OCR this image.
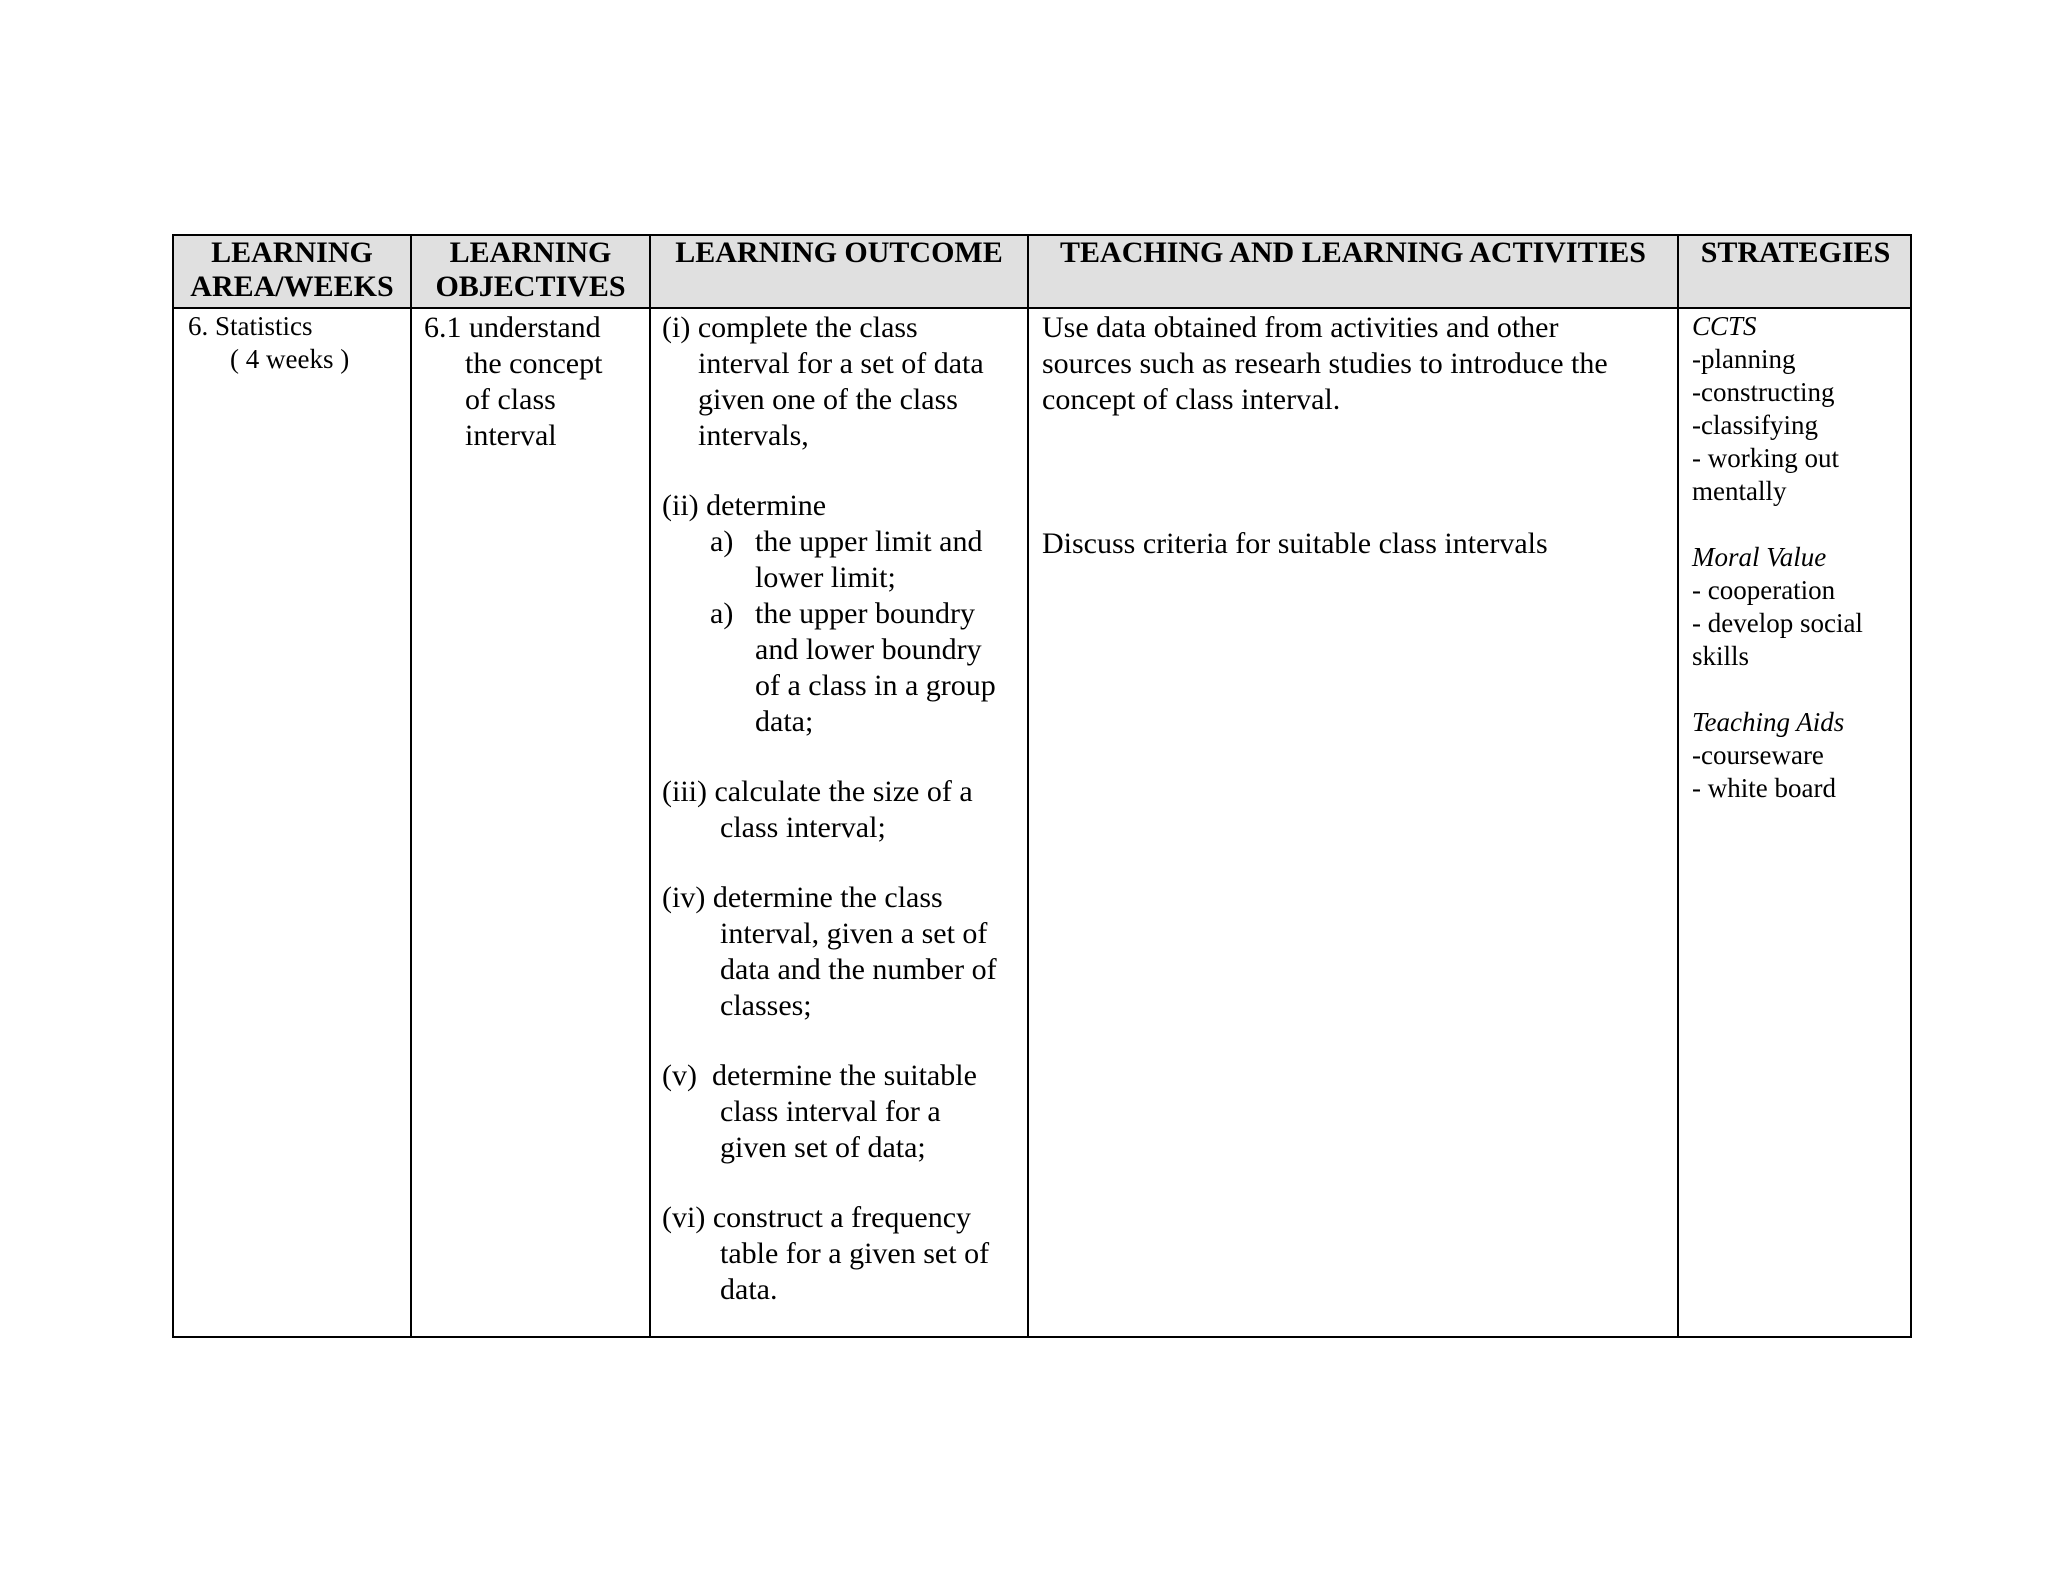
LEARNING
AREA/WEEKS
LEARNING
OBJECTIVES
LEARNING OUTCOME	TEACHING AND LEARNING ACTIVITIES	STRATEGIES
6. Statistics
( 4 weeks )
6.1 understand
the concept
of class
interval
(i) complete the class
interval for a set of data
given one of the class
intervals,
(ii) determine
a) the upper limit and
lower limit;
a) the upper boundry
and lower boundry
of a class in a group
data;
(iii) calculate the size of a
class interval;
(iv) determine the class
interval, given a set of
data and the number of
classes;
(v)  determine the suitable
class interval for a
given set of data;
(vi) construct a frequency
table for a given set of
data.
Use data obtained from activities and other
sources such as researh studies to introduce the
concept of class interval.
Discuss criteria for suitable class intervals
CCTS
-planning
-constructing
-classifying
- working out
mentally
Moral Value
- cooperation
- develop social
skills
Teaching Aids
-courseware
- white board
